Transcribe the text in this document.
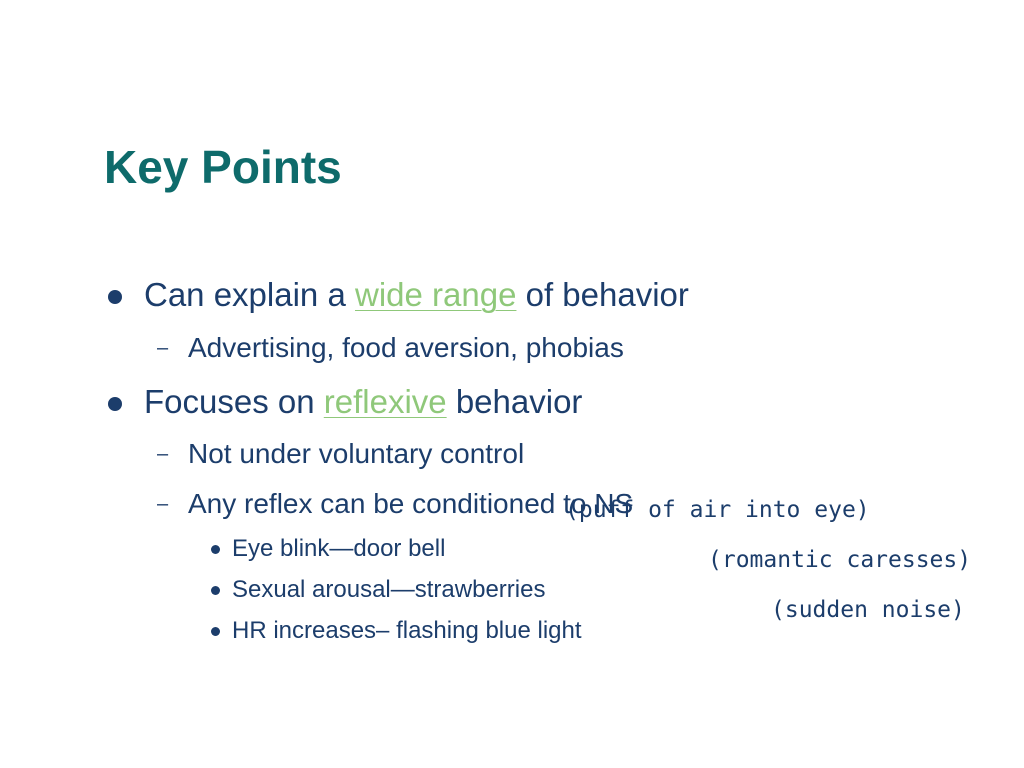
Key Points
Can explain a wide range of behavior
– Advertising, food aversion, phobias
Focuses on reflexive behavior
– Not under voluntary control
– Any reflex can be conditioned to NS
Eye blink—door bell
Sexual arousal—strawberries
HR increases– flashing blue light
(puff of air into eye)
(romantic caresses)
(sudden noise)
